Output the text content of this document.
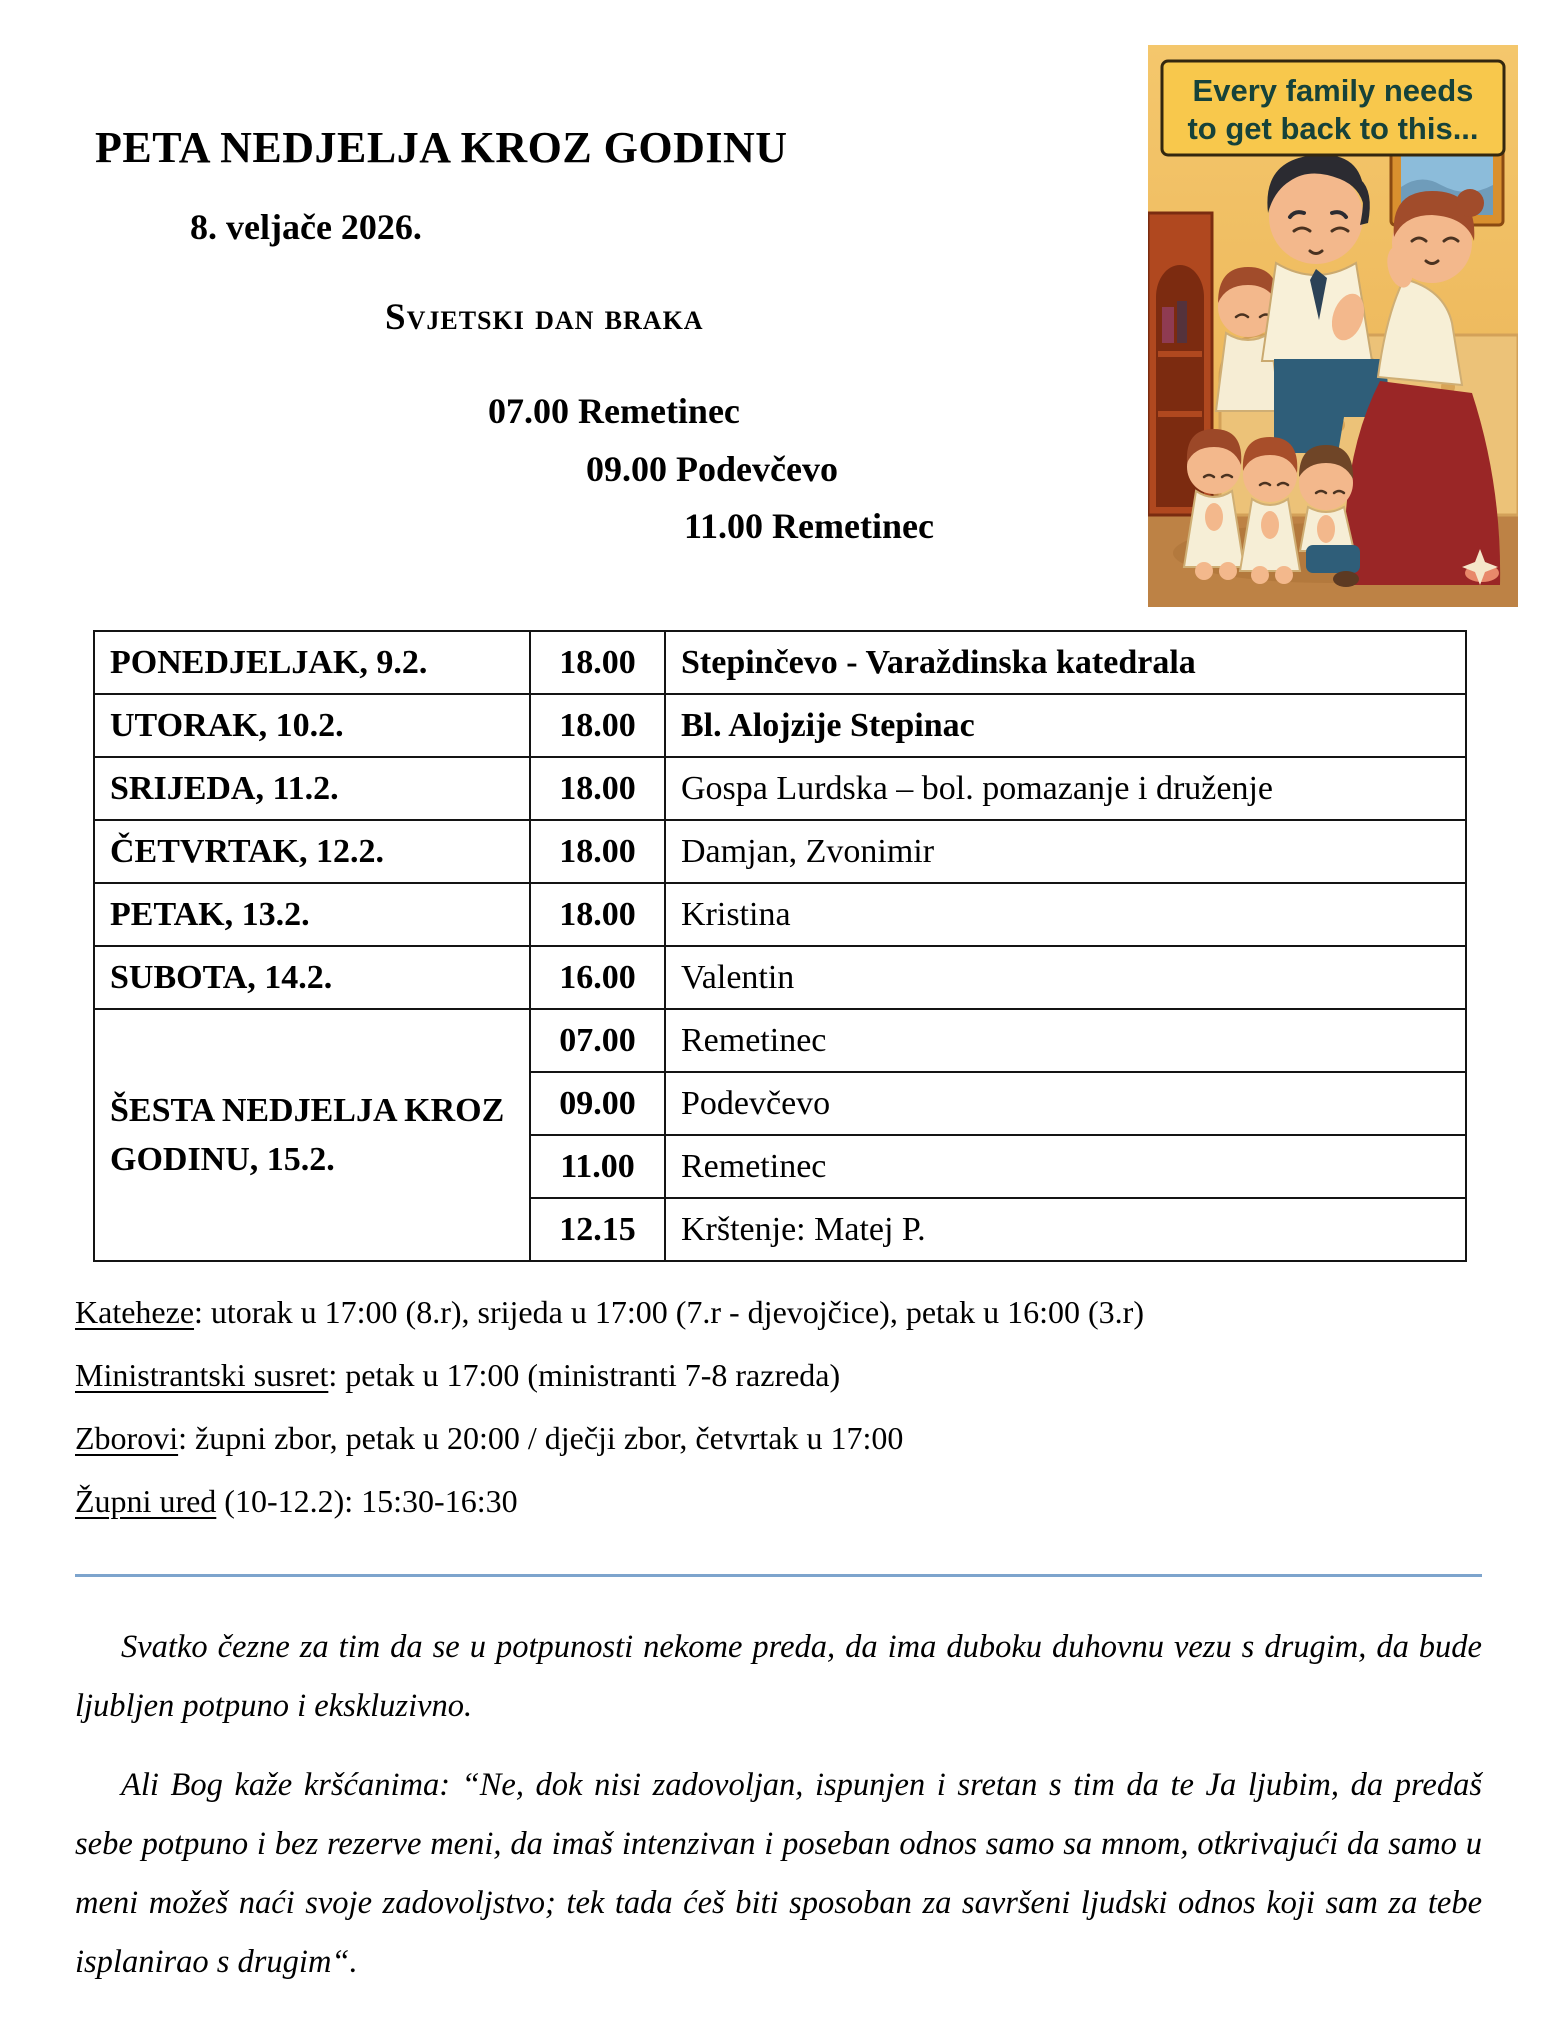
PETA NEDJELJA KROZ GODINU
8. veljače 2026.
Svjetski dan braka
07.00 Remetinec
09.00 Podevčevo
11.00 Remetinec
Every family needs
to get back to this...
PONEDJELJAK, 9.2.	18.00	Stepinčevo - Varaždinska katedrala
UTORAK, 10.2.	18.00	Bl. Alojzije Stepinac
SRIJEDA, 11.2.	18.00	Gospa Lurdska – bol. pomazanje i druženje
ČETVRTAK, 12.2.	18.00	Damjan, Zvonimir
PETAK, 13.2.	18.00	Kristina
SUBOTA, 14.2.	16.00	Valentin
ŠESTA NEDJELJA KROZ GODINU, 15.2.	07.00	Remetinec
	09.00	Podevčevo
	11.00	Remetinec
	12.15	Krštenje: Matej P.
Kateheze: utorak u 17:00 (8.r), srijeda u 17:00 (7.r - djevojčice), petak u 16:00 (3.r)
Ministrantski susret: petak u 17:00 (ministranti 7-8 razreda)
Zborovi: župni zbor, petak u 20:00 / dječji zbor, četvrtak u 17:00
Župni ured (10-12.2): 15:30-16:30

Svatko čezne za tim da se u potpunosti nekome preda, da ima duboku duhovnu vezu s drugim, da bude ljubljen potpuno i ekskluzivno.

Ali Bog kaže kršćanima: “Ne, dok nisi zadovoljan, ispunjen i sretan s tim da te Ja ljubim, da predaš sebe potpuno i bez rezerve meni, da imaš intenzivan i poseban odnos samo sa mnom, otkrivajući da samo u meni možeš naći svoje zadovoljstvo; tek tada ćeš biti sposoban za savršeni ljudski odnos koji sam za tebe isplanirao s drugim“.
